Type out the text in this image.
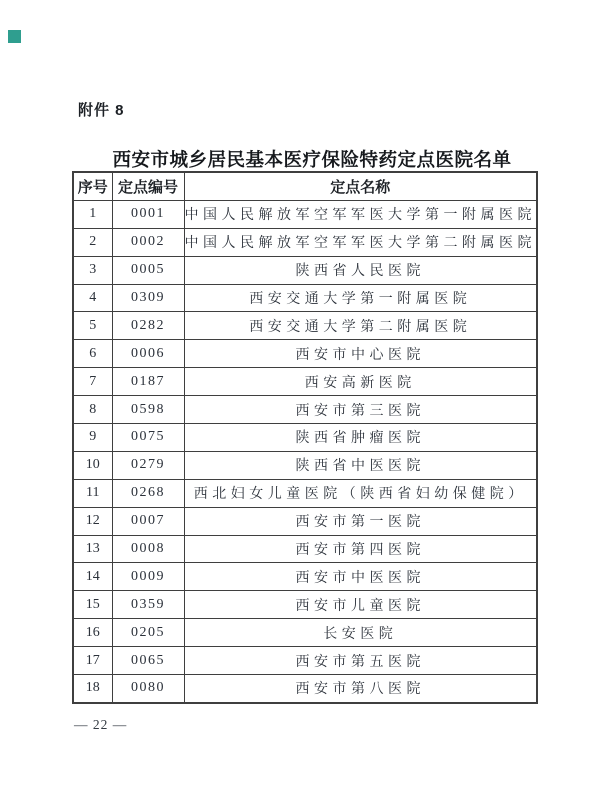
附件 8
西安市城乡居民基本医疗保险特药定点医院名单
序号	定点编号	定点名称
1	0001	中国人民解放军空军军医大学第一附属医院
2	0002	中国人民解放军空军军医大学第二附属医院
3	0005	陕西省人民医院
4	0309	西安交通大学第一附属医院
5	0282	西安交通大学第二附属医院
6	0006	西安市中心医院
7	0187	西安高新医院
8	0598	西安市第三医院
9	0075	陕西省肿瘤医院
10	0279	陕西省中医医院
11	0268	西北妇女儿童医院（陕西省妇幼保健院）
12	0007	西安市第一医院
13	0008	西安市第四医院
14	0009	西安市中医医院
15	0359	西安市儿童医院
16	0205	长安医院
17	0065	西安市第五医院
18	0080	西安市第八医院
— 22 —
